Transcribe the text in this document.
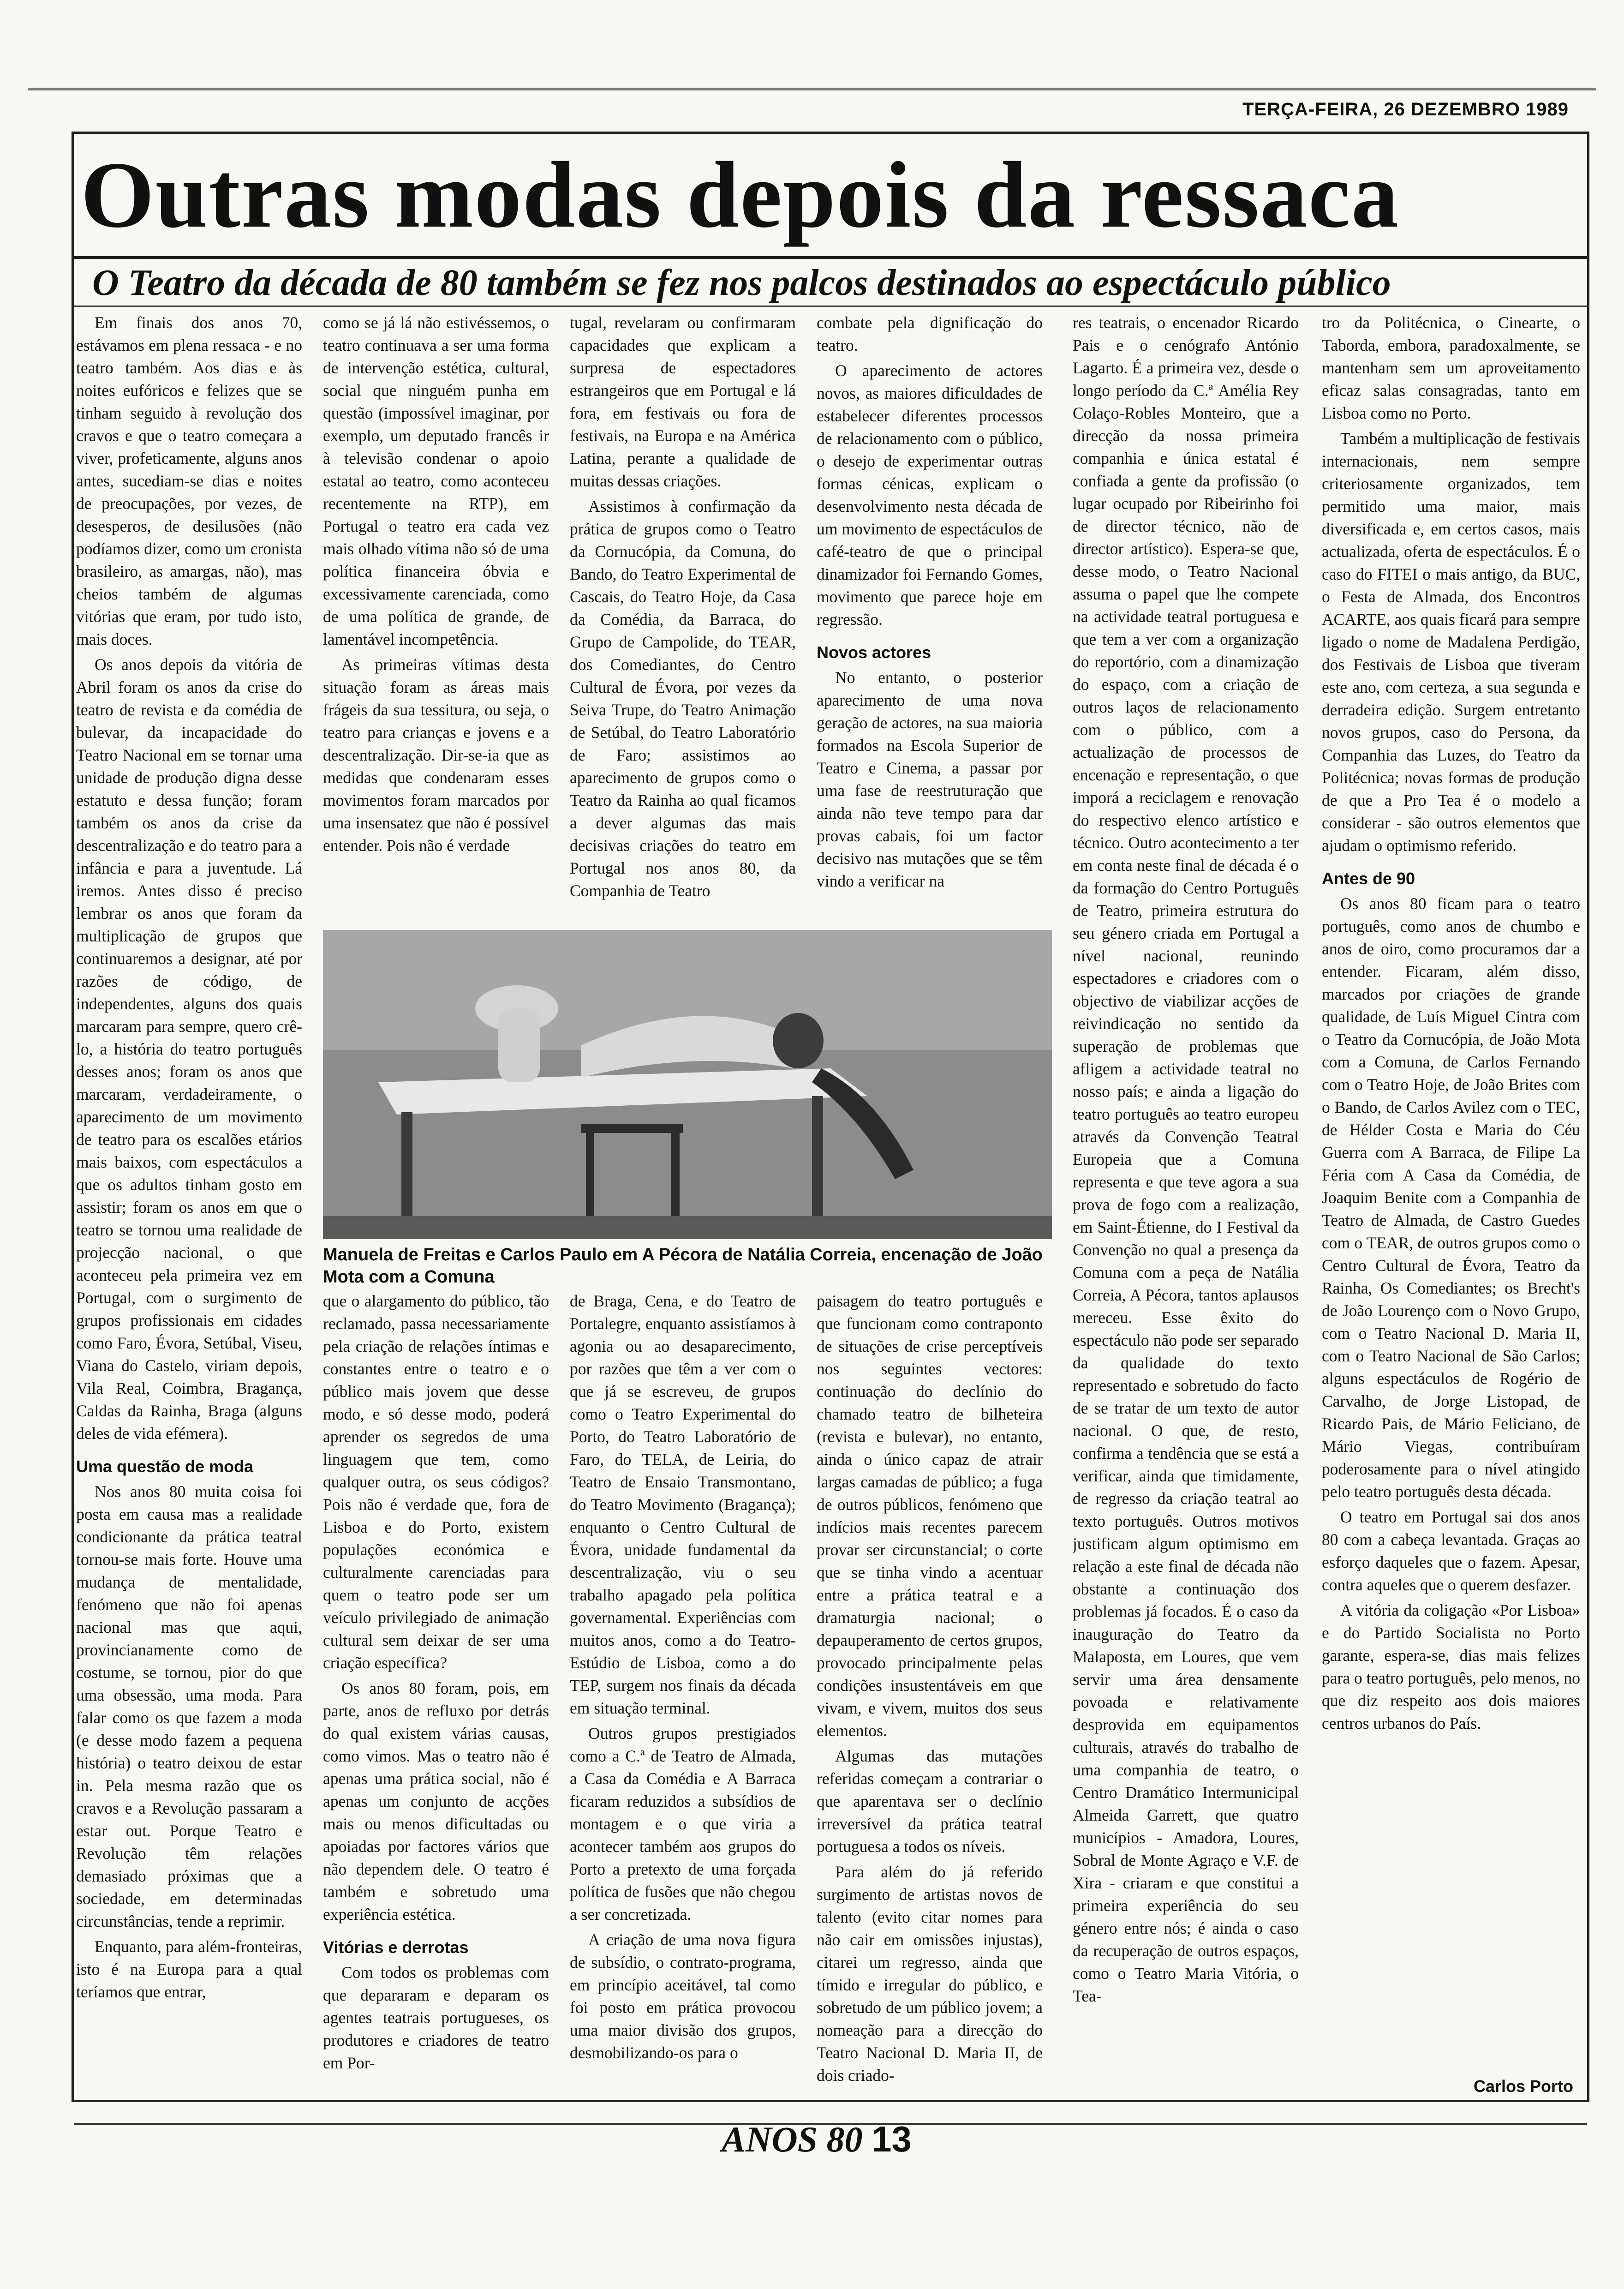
TERÇA-FEIRA, 26 DEZEMBRO 1989
Outras modas depois da ressaca
O Teatro da década de 80 também se fez nos palcos destinados ao espectáculo público

Em finais dos anos 70, estávamos em plena ressaca - e no teatro também. Aos dias e às noites eufóricos e felizes que se tinham seguido à revolução dos cravos e que o teatro começara a viver, profeticamente, alguns anos antes, sucediam-se dias e noites de preocupações, por vezes, de desesperos, de desilusões (não podíamos dizer, como um cronista brasileiro, as amargas, não), mas cheios também de algumas vitórias que eram, por tudo isto, mais doces.

Os anos depois da vitória de Abril foram os anos da crise do teatro de revista e da comédia de bulevar, da incapacidade do Teatro Nacional em se tornar uma unidade de produção digna desse estatuto e dessa função; foram também os anos da crise da descentralização e do teatro para a infância e para a juventude. Lá iremos. Antes disso é preciso lembrar os anos que foram da multiplicação de grupos que continuaremos a designar, até por razões de código, de independentes, alguns dos quais marcaram para sempre, quero crê-lo, a história do teatro português desses anos; foram os anos que marcaram, verdadeiramente, o aparecimento de um movimento de teatro para os escalões etários mais baixos, com espectáculos a que os adultos tinham gosto em assistir; foram os anos em que o teatro se tornou uma realidade de projecção nacional, o que aconteceu pela primeira vez em Portugal, com o surgimento de grupos profissionais em cidades como Faro, Évora, Setúbal, Viseu, Viana do Castelo, viriam depois, Vila Real, Coimbra, Bragança, Caldas da Rainha, Braga (alguns deles de vida efémera).

Uma questão de moda

Nos anos 80 muita coisa foi posta em causa mas a realidade condicionante da prática teatral tornou-se mais forte. Houve uma mudança de mentalidade, fenómeno que não foi apenas nacional mas que aqui, provincianamente como de costume, se tornou, pior do que uma obsessão, uma moda. Para falar como os que fazem a moda (e desse modo fazem a pequena história) o teatro deixou de estar in. Pela mesma razão que os cravos e a Revolução passaram a estar out. Porque Teatro e Revolução têm relações demasiado próximas que a sociedade, em determinadas circunstâncias, tende a reprimir.

Enquanto, para além-fronteiras, isto é na Europa para a qual teríamos que entrar,

como se já lá não estivéssemos, o teatro continuava a ser uma forma de intervenção estética, cultural, social que ninguém punha em questão (impossível imaginar, por exemplo, um deputado francês ir à televisão condenar o apoio estatal ao teatro, como aconteceu recentemente na RTP), em Portugal o teatro era cada vez mais olhado vítima não só de uma política financeira óbvia e excessivamente carenciada, como de uma política de grande, de lamentável incompetência.

As primeiras vítimas desta situação foram as áreas mais frágeis da sua tessitura, ou seja, o teatro para crianças e jovens e a descentralização. Dir-se-ia que as medidas que condenaram esses movimentos foram marcados por uma insensatez que não é possível entender. Pois não é verdade

tugal, revelaram ou confirmaram capacidades que explicam a surpresa de espectadores estrangeiros que em Portugal e lá fora, em festivais ou fora de festivais, na Europa e na América Latina, perante a qualidade de muitas dessas criações.

Assistimos à confirmação da prática de grupos como o Teatro da Cornucópia, da Comuna, do Bando, do Teatro Experimental de Cascais, do Teatro Hoje, da Casa da Comédia, da Barraca, do Grupo de Campolide, do TEAR, dos Comediantes, do Centro Cultural de Évora, por vezes da Seiva Trupe, do Teatro Animação de Setúbal, do Teatro Laboratório de Faro; assistimos ao aparecimento de grupos como o Teatro da Rainha ao qual ficamos a dever algumas das mais decisivas criações do teatro em Portugal nos anos 80, da Companhia de Teatro

combate pela dignificação do teatro.

O aparecimento de actores novos, as maiores dificuldades de estabelecer diferentes processos de relacionamento com o público, o desejo de experimentar outras formas cénicas, explicam o desenvolvimento nesta década de um movimento de espectáculos de café-teatro de que o principal dinamizador foi Fernando Gomes, movimento que parece hoje em regressão.

Novos actores

No entanto, o posterior aparecimento de uma nova geração de actores, na sua maioria formados na Escola Superior de Teatro e Cinema, a passar por uma fase de reestruturação que ainda não teve tempo para dar provas cabais, foi um factor decisivo nas mutações que se têm vindo a verificar na

Manuela de Freitas e Carlos Paulo em A Pécora de Natália Correia, encenação de João Mota com a Comuna

que o alargamento do público, tão reclamado, passa necessariamente pela criação de relações íntimas e constantes entre o teatro e o público mais jovem que desse modo, e só desse modo, poderá aprender os segredos de uma linguagem que tem, como qualquer outra, os seus códigos? Pois não é verdade que, fora de Lisboa e do Porto, existem populações económica e culturalmente carenciadas para quem o teatro pode ser um veículo privilegiado de animação cultural sem deixar de ser uma criação específica?

Os anos 80 foram, pois, em parte, anos de refluxo por detrás do qual existem várias causas, como vimos. Mas o teatro não é apenas uma prática social, não é apenas um conjunto de acções mais ou menos dificultadas ou apoiadas por factores vários que não dependem dele. O teatro é também e sobretudo uma experiência estética.

Vitórias e derrotas

Com todos os problemas com que depararam e deparam os agentes teatrais portugueses, os produtores e criadores de teatro em Por-

de Braga, Cena, e do Teatro de Portalegre, enquanto assistíamos à agonia ou ao desaparecimento, por razões que têm a ver com o que já se escreveu, de grupos como o Teatro Experimental do Porto, do Teatro Laboratório de Faro, do TELA, de Leiria, do Teatro de Ensaio Transmontano, do Teatro Movimento (Bragança); enquanto o Centro Cultural de Évora, unidade fundamental da descentralização, viu o seu trabalho apagado pela política governamental. Experiências com muitos anos, como a do Teatro-Estúdio de Lisboa, como a do TEP, surgem nos finais da década em situação terminal.

Outros grupos prestigiados como a C.ª de Teatro de Almada, a Casa da Comédia e A Barraca ficaram reduzidos a subsídios de montagem e o que viria a acontecer também aos grupos do Porto a pretexto de uma forçada política de fusões que não chegou a ser concretizada.

A criação de uma nova figura de subsídio, o contrato-programa, em princípio aceitável, tal como foi posto em prática provocou uma maior divisão dos grupos, desmobilizando-os para o

paisagem do teatro português e que funcionam como contraponto de situações de crise perceptíveis nos seguintes vectores: continuação do declínio do chamado teatro de bilheteira (revista e bulevar), no entanto, ainda o único capaz de atrair largas camadas de público; a fuga de outros públicos, fenómeno que indícios mais recentes parecem provar ser circunstancial; o corte que se tinha vindo a acentuar entre a prática teatral e a dramaturgia nacional; o depauperamento de certos grupos, provocado principalmente pelas condições insustentáveis em que vivam, e vivem, muitos dos seus elementos.

Algumas das mutações referidas começam a contrariar o que aparentava ser o declínio irreversível da prática teatral portuguesa a todos os níveis.

Para além do já referido surgimento de artistas novos de talento (evito citar nomes para não cair em omissões injustas), citarei um regresso, ainda que tímido e irregular do público, e sobretudo de um público jovem; a nomeação para a direcção do Teatro Nacional D. Maria II, de dois criado-

res teatrais, o encenador Ricardo Pais e o cenógrafo António Lagarto. É a primeira vez, desde o longo período da C.ª Amélia Rey Colaço-Robles Monteiro, que a direcção da nossa primeira companhia e única estatal é confiada a gente da profissão (o lugar ocupado por Ribeirinho foi de director técnico, não de director artístico). Espera-se que, desse modo, o Teatro Nacional assuma o papel que lhe compete na actividade teatral portuguesa e que tem a ver com a organização do reportório, com a dinamização do espaço, com a criação de outros laços de relacionamento com o público, com a actualização de processos de encenação e representação, o que imporá a reciclagem e renovação do respectivo elenco artístico e técnico. Outro acontecimento a ter em conta neste final de década é o da formação do Centro Português de Teatro, primeira estrutura do seu género criada em Portugal a nível nacional, reunindo espectadores e criadores com o objectivo de viabilizar acções de reivindicação no sentido da superação de problemas que afligem a actividade teatral no nosso país; e ainda a ligação do teatro português ao teatro europeu através da Convenção Teatral Europeia que a Comuna representa e que teve agora a sua prova de fogo com a realização, em Saint-Étienne, do I Festival da Convenção no qual a presença da Comuna com a peça de Natália Correia, A Pécora, tantos aplausos mereceu. Esse êxito do espectáculo não pode ser separado da qualidade do texto representado e sobretudo do facto de se tratar de um texto de autor nacional. O que, de resto, confirma a tendência que se está a verificar, ainda que timidamente, de regresso da criação teatral ao texto português. Outros motivos justificam algum optimismo em relação a este final de década não obstante a continuação dos problemas já focados. É o caso da inauguração do Teatro da Malaposta, em Loures, que vem servir uma área densamente povoada e relativamente desprovida em equipamentos culturais, através do trabalho de uma companhia de teatro, o Centro Dramático Intermunicipal Almeida Garrett, que quatro municípios - Amadora, Loures, Sobral de Monte Agraço e V.F. de Xira - criaram e que constitui a primeira experiência do seu género entre nós; é ainda o caso da recuperação de outros espaços, como o Teatro Maria Vitória, o Tea-

tro da Politécnica, o Cinearte, o Taborda, embora, paradoxalmente, se mantenham sem um aproveitamento eficaz salas consagradas, tanto em Lisboa como no Porto.

Também a multiplicação de festivais internacionais, nem sempre criteriosamente organizados, tem permitido uma maior, mais diversificada e, em certos casos, mais actualizada, oferta de espectáculos. É o caso do FITEI o mais antigo, da BUC, o Festa de Almada, dos Encontros ACARTE, aos quais ficará para sempre ligado o nome de Madalena Perdigão, dos Festivais de Lisboa que tiveram este ano, com certeza, a sua segunda e derradeira edição. Surgem entretanto novos grupos, caso do Persona, da Companhia das Luzes, do Teatro da Politécnica; novas formas de produção de que a Pro Tea é o modelo a considerar - são outros elementos que ajudam o optimismo referido.

Antes de 90

Os anos 80 ficam para o teatro português, como anos de chumbo e anos de oiro, como procuramos dar a entender. Ficaram, além disso, marcados por criações de grande qualidade, de Luís Miguel Cintra com o Teatro da Cornucópia, de João Mota com a Comuna, de Carlos Fernando com o Teatro Hoje, de João Brites com o Bando, de Carlos Avilez com o TEC, de Hélder Costa e Maria do Céu Guerra com A Barraca, de Filipe La Féria com A Casa da Comédia, de Joaquim Benite com a Companhia de Teatro de Almada, de Castro Guedes com o TEAR, de outros grupos como o Centro Cultural de Évora, Teatro da Rainha, Os Comediantes; os Brecht's de João Lourenço com o Novo Grupo, com o Teatro Nacional D. Maria II, com o Teatro Nacional de São Carlos; alguns espectáculos de Rogério de Carvalho, de Jorge Listopad, de Ricardo Pais, de Mário Feliciano, de Mário Viegas, contribuíram poderosamente para o nível atingido pelo teatro português desta década.

O teatro em Portugal sai dos anos 80 com a cabeça levantada. Graças ao esforço daqueles que o fazem. Apesar, contra aqueles que o querem desfazer.

A vitória da coligação «Por Lisboa» e do Partido Socialista no Porto garante, espera-se, dias mais felizes para o teatro português, pelo menos, no que diz respeito aos dois maiores centros urbanos do País.

Carlos Porto
ANOS 80 13
